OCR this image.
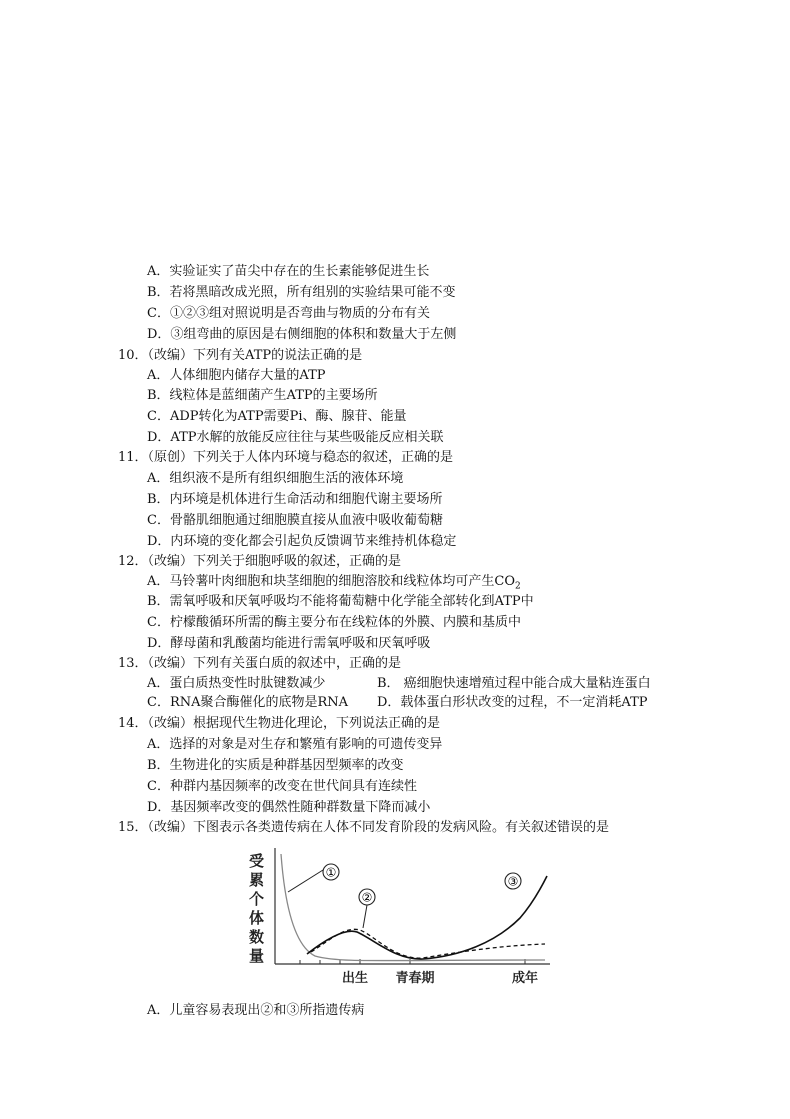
A．实验证实了苗尖中存在的生长素能够促进生长
B．若将黑暗改成光照，所有组别的实验结果可能不变
C．①②③组对照说明是否弯曲与物质的分布有关
D．③组弯曲的原因是右侧细胞的体积和数量大于左侧
10．（改编）下列有关ATP的说法正确的是
A．人体细胞内储存大量的ATP
B．线粒体是蓝细菌产生ATP的主要场所
C．ADP转化为ATP需要Pi、酶、腺苷、能量
D．ATP水解的放能反应往往与某些吸能反应相关联
11．（原创）下列关于人体内环境与稳态的叙述，正确的是
A．组织液不是所有组织细胞生活的液体环境
B．内环境是机体进行生命活动和细胞代谢主要场所
C．骨骼肌细胞通过细胞膜直接从血液中吸收葡萄糖
D．内环境的变化都会引起负反馈调节来维持机体稳定
12．（改编）下列关于细胞呼吸的叙述，正确的是
A．马铃薯叶肉细胞和块茎细胞的细胞溶胶和线粒体均可产生$CO_2$
B．需氧呼吸和厌氧呼吸均不能将葡萄糖中化学能全部转化到ATP中
C．柠檬酸循环所需的酶主要分布在线粒体的外膜、内膜和基质中
D．酵母菌和乳酸菌均能进行需氧呼吸和厌氧呼吸
13．（改编）下列有关蛋白质的叙述中，正确的是
A．蛋白质热变性时肽键数减少	B． 癌细胞快速增殖过程中能合成大量粘连蛋白
C．RNA聚合酶催化的底物是RNA D．载体蛋白形状改变的过程，不一定消耗ATP
14．（改编）根据现代生物进化理论，下列说法正确的是
A．选择的对象是对生存和繁殖有影响的可遗传变异
B．生物进化的实质是种群基因型频率的改变
C．种群内基因频率的改变在世代间具有连续性
D．基因频率改变的偶然性随种群数量下降而减小
15．（改编）下图表示各类遗传病在人体不同发育阶段的发病风险。有关叙述错误的是
受
累
个
体
数
量
出生 青春期	成年
①
②
③
A．儿童容易表现出②和③所指遗传病
